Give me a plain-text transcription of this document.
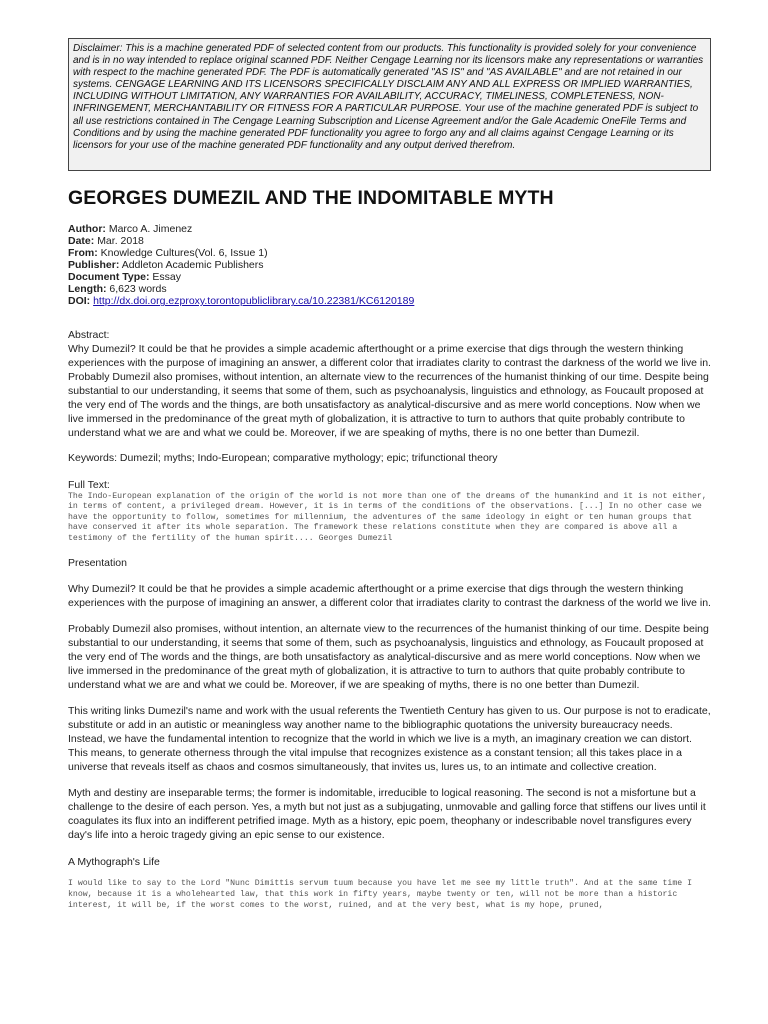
Disclaimer: This is a machine generated PDF of selected content from our products. This functionality is provided solely for your convenience and is in no way intended to replace original scanned PDF. Neither Cengage Learning nor its licensors make any representations or warranties with respect to the machine generated PDF. The PDF is automatically generated "AS IS" and "AS AVAILABLE" and are not retained in our systems. CENGAGE LEARNING AND ITS LICENSORS SPECIFICALLY DISCLAIM ANY AND ALL EXPRESS OR IMPLIED WARRANTIES, INCLUDING WITHOUT LIMITATION, ANY WARRANTIES FOR AVAILABILITY, ACCURACY, TIMELINESS, COMPLETENESS, NON-INFRINGEMENT, MERCHANTABILITY OR FITNESS FOR A PARTICULAR PURPOSE. Your use of the machine generated PDF is subject to all use restrictions contained in The Cengage Learning Subscription and License Agreement and/or the Gale Academic OneFile Terms and Conditions and by using the machine generated PDF functionality you agree to forgo any and all claims against Cengage Learning or its licensors for your use of the machine generated PDF functionality and any output derived therefrom.
GEORGES DUMEZIL AND THE INDOMITABLE MYTH
Author: Marco A. Jimenez
Date: Mar. 2018
From: Knowledge Cultures(Vol. 6, Issue 1)
Publisher: Addleton Academic Publishers
Document Type: Essay
Length: 6,623 words
DOI: http://dx.doi.org.ezproxy.torontopubliclibrary.ca/10.22381/KC6120189

Abstract:

Why Dumezil? It could be that he provides a simple academic afterthought or a prime exercise that digs through the western thinking experiences with the purpose of imagining an answer, a different color that irradiates clarity to contrast the darkness of the world we live in. Probably Dumezil also promises, without intention, an alternate view to the recurrences of the humanist thinking of our time. Despite being substantial to our understanding, it seems that some of them, such as psychoanalysis, linguistics and ethnology, as Foucault proposed at the very end of The words and the things, are both unsatisfactory as analytical-discursive and as mere world conceptions. Now when we live immersed in the predominance of the great myth of globalization, it is attractive to turn to authors that quite probably contribute to understand what we are and what we could be. Moreover, if we are speaking of myths, there is no one better than Dumezil.

Keywords: Dumezil; myths; Indo-European; comparative mythology; epic; trifunctional theory

Full Text:

The Indo-European explanation of the origin of the world is not more than one of the dreams of the humankind and it is not either, in terms of content, a privileged dream. However, it is in terms of the conditions of the observations. [...] In no other case we have the opportunity to follow, sometimes for millennium, the adventures of the same ideology in eight or ten human groups that have conserved it after its whole separation. The framework these relations constitute when they are compared is above all a testimony of the fertility of the human spirit.... Georges Dumezil

Presentation

Why Dumezil? It could be that he provides a simple academic afterthought or a prime exercise that digs through the western thinking experiences with the purpose of imagining an answer, a different color that irradiates clarity to contrast the darkness of the world we live in.

Probably Dumezil also promises, without intention, an alternate view to the recurrences of the humanist thinking of our time. Despite being substantial to our understanding, it seems that some of them, such as psychoanalysis, linguistics and ethnology, as Foucault proposed at the very end of The words and the things, are both unsatisfactory as analytical-discursive and as mere world conceptions. Now when we live immersed in the predominance of the great myth of globalization, it is attractive to turn to authors that quite probably contribute to understand what we are and what we could be. Moreover, if we are speaking of myths, there is no one better than Dumezil.

This writing links Dumezil's name and work with the usual referents the Twentieth Century has given to us. Our purpose is not to eradicate, substitute or add in an autistic or meaningless way another name to the bibliographic quotations the university bureaucracy needs. Instead, we have the fundamental intention to recognize that the world in which we live is a myth, an imaginary creation we can distort. This means, to generate otherness through the vital impulse that recognizes existence as a constant tension; all this takes place in a universe that reveals itself as chaos and cosmos simultaneously, that invites us, lures us, to an intimate and collective creation.

Myth and destiny are inseparable terms; the former is indomitable, irreducible to logical reasoning. The second is not a misfortune but a challenge to the desire of each person. Yes, a myth but not just as a subjugating, unmovable and galling force that stiffens our lives until it coagulates its flux into an indifferent petrified image. Myth as a history, epic poem, theophany or indescribable novel transfigures every day's life into a heroic tragedy giving an epic sense to our existence.

A Mythograph's Life

I would like to say to the Lord "Nunc Dimittis servum tuum because you have let me see my little truth". And at the same time I know, because it is a wholehearted law, that this work in fifty years, maybe twenty or ten, will not be more than a historic interest, it will be, if the worst comes to the worst, ruined, and at the very best, what is my hope, pruned,
